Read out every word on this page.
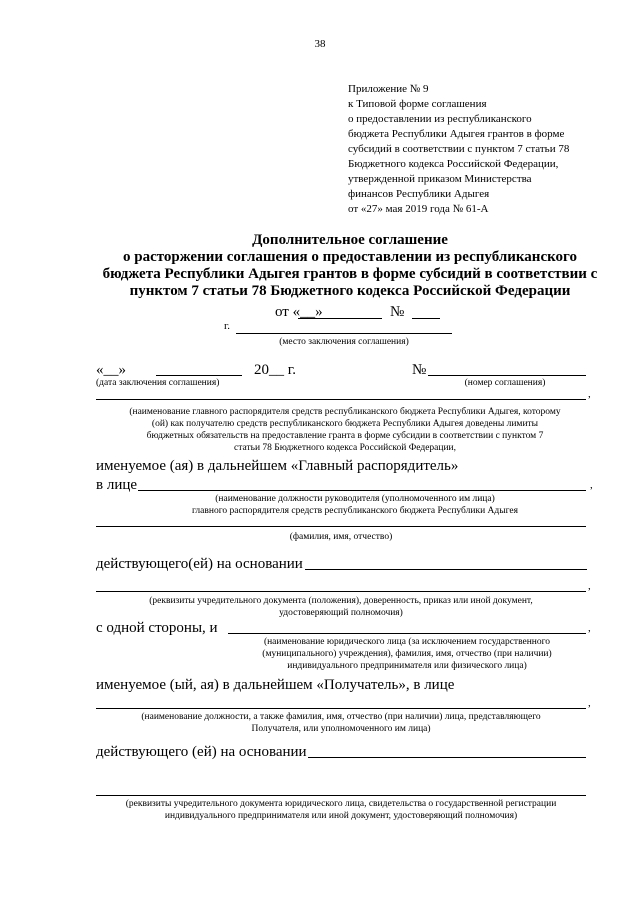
38
Приложение № 9
к Типовой форме соглашения
о предоставлении из республиканского
бюджета Республики Адыгея грантов в форме
субсидий в соответствии с пунктом 7 статьи 78
Бюджетного кодекса Российской Федерации,
утвержденной приказом Министерства
финансов Республики Адыгея
от «27» мая 2019 года № 61-А
Дополнительное соглашение
о расторжении соглашения о предоставлении из республиканского
бюджета Республики Адыгея грантов в форме субсидий в соответствии с
пунктом 7 статьи 78 Бюджетного кодекса Российской Федерации
от «__»	№
г.
(место заключения соглашения)
«__»	20__ г.	№
(дата заключения соглашения)	(номер соглашения)
,
(наименование главного распорядителя средств республиканского бюджета Республики Адыгея, которому
(ой) как получателю средств республиканского бюджета Республики Адыгея доведены лимиты
бюджетных обязательств на предоставление гранта в форме субсидии в соответствии с пунктом 7
статьи 78 Бюджетного кодекса Российской Федерации,
именуемое (ая) в дальнейшем «Главный распорядитель»
в лице	,
(наименование должности руководителя (уполномоченного им лица)
главного распорядителя средств республиканского бюджета Республики Адыгея
(фамилия, имя, отчество)
действующего(ей) на основании
,
(реквизиты учредительного документа (положения), доверенность, приказ или иной документ,
удостоверяющий полномочия)
с одной стороны, и	,
(наименование юридического лица (за исключением государственного
(муниципального) учреждения), фамилия, имя, отчество (при наличии)
индивидуального предпринимателя или физического лица)
именуемое (ый, ая) в дальнейшем «Получатель», в лице
,
(наименование должности, а также фамилия, имя, отчество (при наличии) лица, представляющего
Получателя, или уполномоченного им лица)
действующего (ей) на основании
(реквизиты учредительного документа юридического лица, свидетельства о государственной регистрации
индивидуального предпринимателя или иной документ, удостоверяющий полномочия)
